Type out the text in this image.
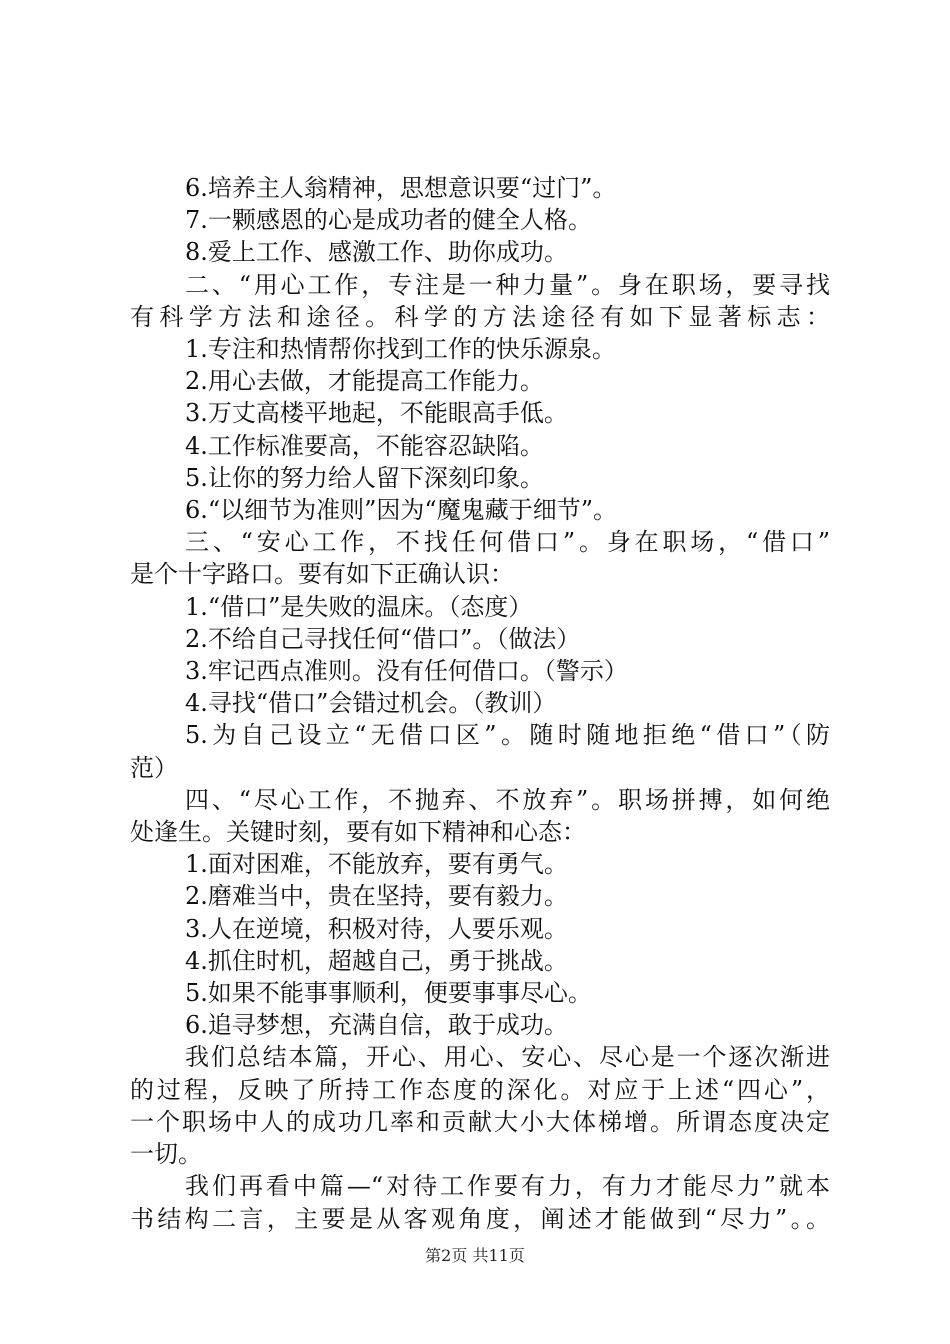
6.培养主人翁精神，思想意识要“过门”。
7.一颗感恩的心是成功者的健全人格。
8.爱上工作、感激工作、助你成功。
二、“用心工作，专注是一种力量”。身在职场，要寻找
有科学方法和途径。科学的方法途径有如下显著标志：
1.专注和热情帮你找到工作的快乐源泉。
2.用心去做，才能提高工作能力。
3.万丈高楼平地起，不能眼高手低。
4.工作标准要高，不能容忍缺陷。
5.让你的努力给人留下深刻印象。
6.“以细节为准则”因为“魔鬼藏于细节”。
三、“安心工作，不找任何借口”。身在职场，“借口”
是个十字路口。要有如下正确认识：
1.“借口”是失败的温床。（态度）
2.不给自己寻找任何“借口”。（做法）
3.牢记西点准则。没有任何借口。（警示）
4.寻找“借口”会错过机会。（教训）
5.为自己设立“无借口区”。随时随地拒绝“借口”（防
范）
四、“尽心工作，不抛弃、不放弃”。职场拼搏，如何绝
处逢生。关键时刻，要有如下精神和心态：
1.面对困难，不能放弃，要有勇气。
2.磨难当中，贵在坚持，要有毅力。
3.人在逆境，积极对待，人要乐观。
4.抓住时机，超越自己，勇于挑战。
5.如果不能事事顺利，便要事事尽心。
6.追寻梦想，充满自信，敢于成功。
我们总结本篇，开心、用心、安心、尽心是一个逐次渐进
的过程，反映了所持工作态度的深化。对应于上述“四心”，
一个职场中人的成功几率和贡献大小大体梯增。所谓态度决定
一切。
我们再看中篇—“对待工作要有力，有力才能尽力”就本
书结构二言，主要是从客观角度，阐述才能做到“尽力”。。
第2页 共11页
